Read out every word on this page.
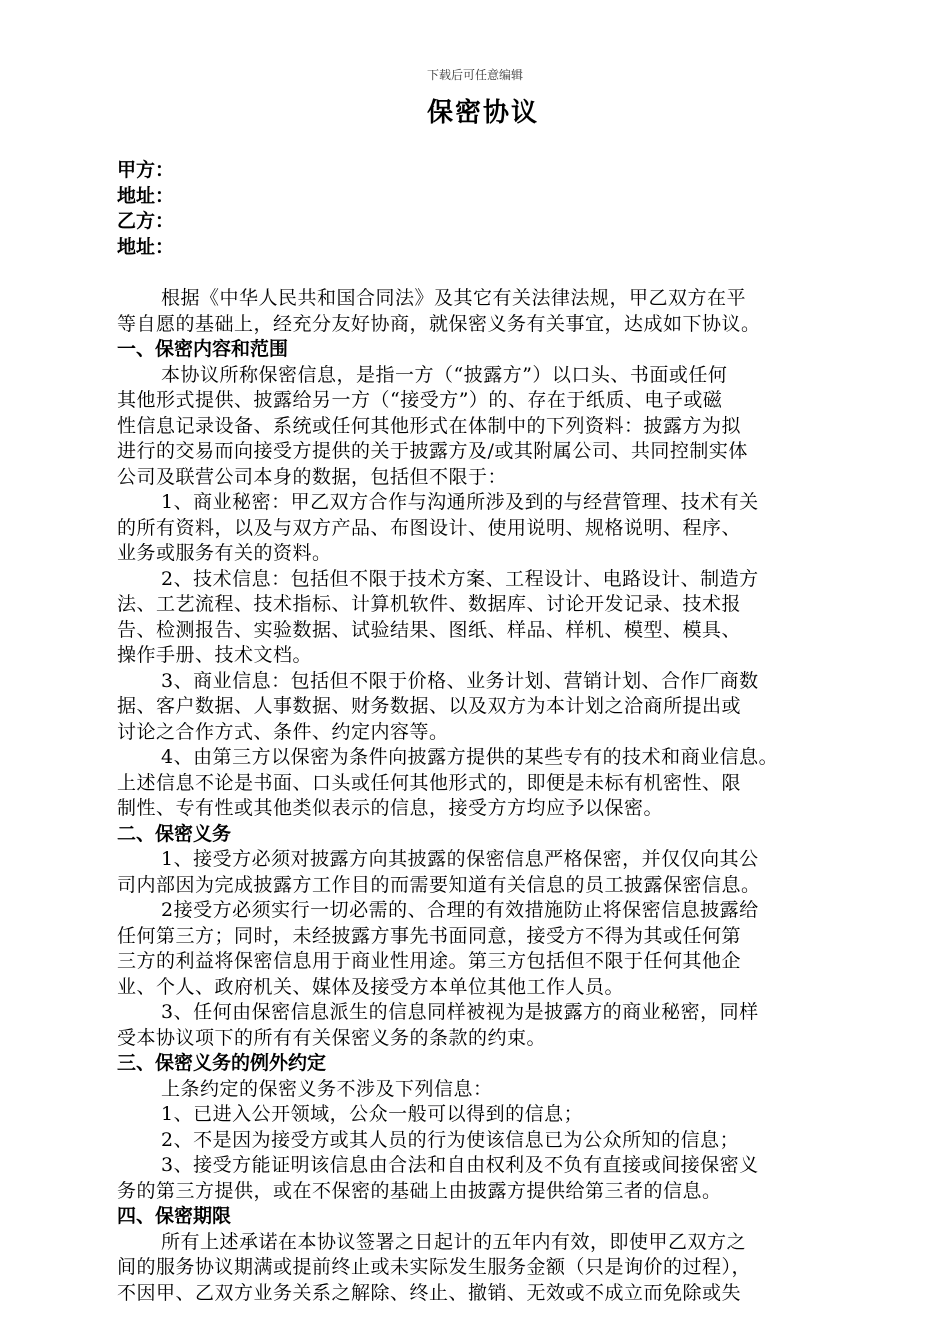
下载后可任意编辑
保密协议
甲方：
地址：
乙方：
地址：
根据《中华人民共和国合同法》及其它有关法律法规，甲乙双方在平
等自愿的基础上，经充分友好协商，就保密义务有关事宜，达成如下协议。
一、保密内容和范围
本协议所称保密信息，是指一方（“披露方”）以口头、书面或任何
其他形式提供、披露给另一方（“接受方”）的、存在于纸质、电子或磁
性信息记录设备、系统或任何其他形式在体制中的下列资料：披露方为拟
进行的交易而向接受方提供的关于披露方及/或其附属公司、共同控制实体
公司及联营公司本身的数据，包括但不限于：
1、商业秘密：甲乙双方合作与沟通所涉及到的与经营管理、技术有关
的所有资料，以及与双方产品、布图设计、使用说明、规格说明、程序、
业务或服务有关的资料。
2、技术信息：包括但不限于技术方案、工程设计、电路设计、制造方
法、工艺流程、技术指标、计算机软件、数据库、讨论开发记录、技术报
告、检测报告、实验数据、试验结果、图纸、样品、样机、模型、模具、
操作手册、技术文档。
3、商业信息：包括但不限于价格、业务计划、营销计划、合作厂商数
据、客户数据、人事数据、财务数据、以及双方为本计划之洽商所提出或
讨论之合作方式、条件、约定内容等。
4、由第三方以保密为条件向披露方提供的某些专有的技术和商业信息。
上述信息不论是书面、口头或任何其他形式的，即便是未标有机密性、限
制性、专有性或其他类似表示的信息，接受方方均应予以保密。
二、保密义务
1、接受方必须对披露方向其披露的保密信息严格保密，并仅仅向其公
司内部因为完成披露方工作目的而需要知道有关信息的员工披露保密信息。
2接受方必须实行一切必需的、合理的有效措施防止将保密信息披露给
任何第三方；同时，未经披露方事先书面同意，接受方不得为其或任何第
三方的利益将保密信息用于商业性用途。第三方包括但不限于任何其他企
业、个人、政府机关、媒体及接受方本单位其他工作人员。
3、任何由保密信息派生的信息同样被视为是披露方的商业秘密，同样
受本协议项下的所有有关保密义务的条款的约束。
三、保密义务的例外约定
上条约定的保密义务不涉及下列信息：
1、已进入公开领域，公众一般可以得到的信息；
2、不是因为接受方或其人员的行为使该信息已为公众所知的信息；
3、接受方能证明该信息由合法和自由权利及不负有直接或间接保密义
务的第三方提供，或在不保密的基础上由披露方提供给第三者的信息。
四、保密期限
所有上述承诺在本协议签署之日起计的五年内有效，即使甲乙双方之
间的服务协议期满或提前终止或未实际发生服务金额（只是询价的过程），
不因甲、乙双方业务关系之解除、终止、撤销、无效或不成立而免除或失
